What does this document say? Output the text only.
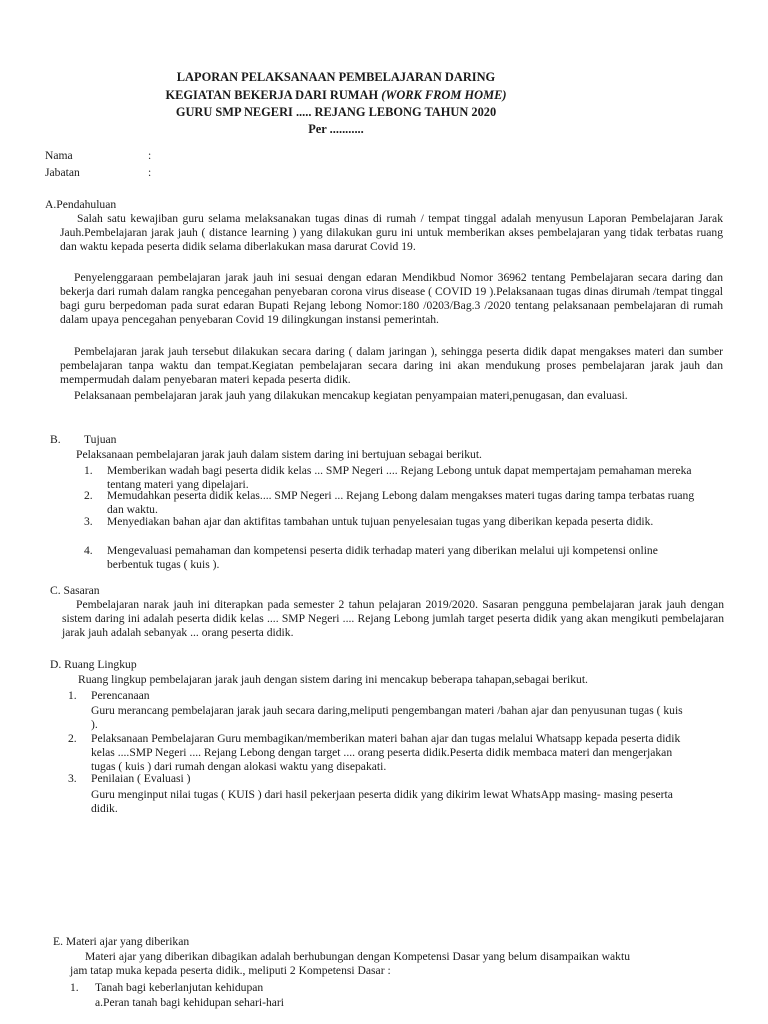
LAPORAN PELAKSANAAN PEMBELAJARAN DARING
KEGIATAN BEKERJA DARI RUMAH (WORK FROM HOME)
GURU SMP NEGERI ..... REJANG LEBONG TAHUN 2020
Per ...........
Nama	:
Jabatan	:
A.Pendahuluan
Salah satu kewajiban guru selama melaksanakan tugas dinas di rumah / tempat tinggal adalah menyusun Laporan Pembelajaran Jarak Jauh.Pembelajaran jarak jauh ( distance learning ) yang dilakukan guru ini untuk memberikan akses pembelajaran yang tidak terbatas ruang dan waktu kepada peserta didik selama diberlakukan masa darurat Covid 19.
Penyelenggaraan pembelajaran jarak jauh ini sesuai dengan edaran Mendikbud Nomor 36962 tentang Pembelajaran secara daring dan bekerja dari rumah dalam rangka pencegahan penyebaran corona virus disease ( COVID 19 ).Pelaksanaan tugas dinas dirumah /tempat tinggal bagi guru berpedoman pada surat edaran Bupati Rejang lebong Nomor:180 /0203/Bag.3 /2020 tentang pelaksanaan pembelajaran di rumah dalam upaya pencegahan penyebaran Covid 19 dilingkungan instansi pemerintah.
Pembelajaran jarak jauh tersebut dilakukan secara daring ( dalam jaringan ), sehingga peserta didik dapat mengakses materi dan sumber pembelajaran tanpa waktu dan tempat.Kegiatan pembelajaran secara daring ini akan mendukung proses pembelajaran jarak jauh dan mempermudah dalam penyebaran materi kepada peserta didik.
Pelaksanaan pembelajaran jarak jauh yang dilakukan mencakup kegiatan penyampaian materi,penugasan, dan evaluasi.
B. Tujuan
Pelaksanaan pembelajaran jarak jauh dalam sistem daring ini bertujuan sebagai berikut.
1. Memberikan wadah bagi peserta didik kelas ... SMP Negeri .... Rejang Lebong untuk dapat mempertajam pemahaman mereka tentang materi yang dipelajari.
2. Memudahkan peserta didik kelas.... SMP Negeri ... Rejang Lebong dalam mengakses materi tugas daring tampa terbatas ruang dan waktu.
3. Menyediakan bahan ajar dan aktifitas tambahan untuk tujuan penyelesaian tugas yang diberikan kepada peserta didik.
4. Mengevaluasi pemahaman dan kompetensi peserta didik terhadap materi yang diberikan melalui uji kompetensi online berbentuk tugas ( kuis ).
C. Sasaran
Pembelajaran narak jauh ini diterapkan pada semester 2 tahun pelajaran 2019/2020. Sasaran pengguna pembelajaran jarak jauh dengan sistem daring ini adalah peserta didik kelas .... SMP Negeri .... Rejang Lebong jumlah target peserta didik yang akan mengikuti pembelajaran jarak jauh adalah sebanyak ... orang peserta didik.
D. Ruang Lingkup
Ruang lingkup pembelajaran jarak jauh dengan sistem daring ini mencakup beberapa tahapan,sebagai berikut.
1. Perencanaan
Guru merancang pembelajaran jarak jauh secara daring,meliputi pengembangan materi /bahan ajar dan penyusunan tugas ( kuis ).
2. Pelaksanaan Pembelajaran Guru membagikan/memberikan materi bahan ajar dan tugas melalui Whatsapp kepada peserta didik kelas ....SMP Negeri .... Rejang Lebong dengan target .... orang peserta didik.Peserta didik membaca materi dan mengerjakan tugas ( kuis ) dari rumah dengan alokasi waktu yang disepakati.
3. Penilaian ( Evaluasi )
Guru menginput nilai tugas ( KUIS ) dari hasil pekerjaan peserta didik yang dikirim lewat WhatsApp masing- masing peserta didik.
E. Materi ajar yang diberikan
Materi ajar yang diberikan dibagikan adalah berhubungan dengan Kompetensi Dasar yang belum disampaikan waktu jam tatap muka kepada peserta didik., meliputi 2 Kompetensi Dasar :
1. Tanah bagi keberlanjutan kehidupan
a.Peran tanah bagi kehidupan sehari-hari
